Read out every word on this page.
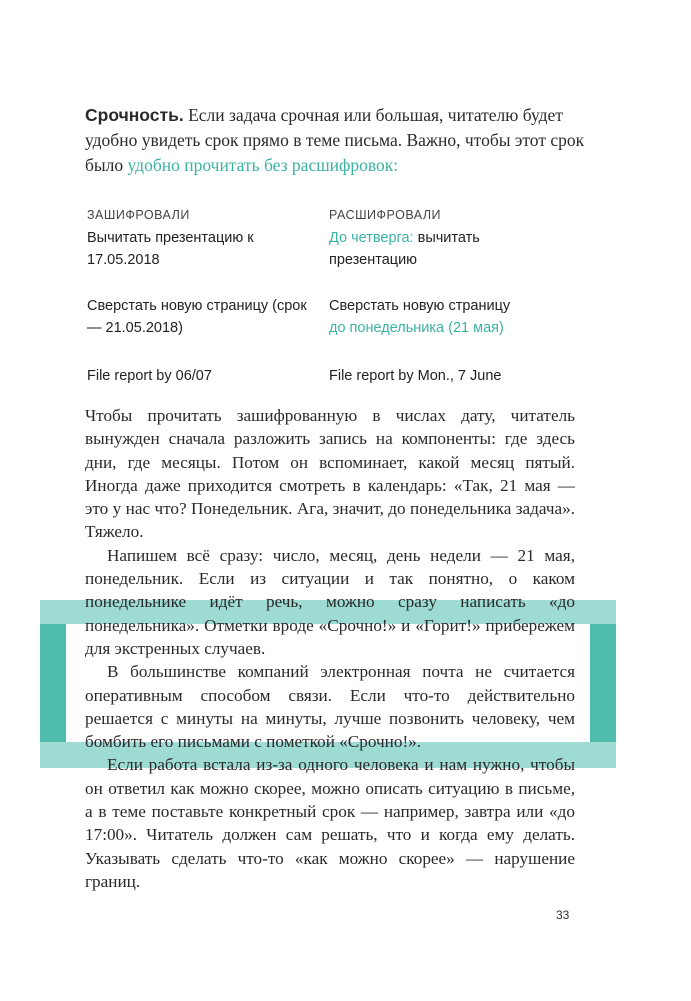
Срочность. Если задача срочная или большая, читателю будет удобно увидеть срок прямо в теме письма. Важно, чтобы этот срок было удобно прочитать без расшифровок:

ЗАШИФРОВАЛИ
Вычитать презентацию к 17.05.2018
Сверстать новую страницу (срок — 21.05.2018)
File report by 06/07
РАСШИФРОВАЛИ
До четверга: вычитать презентацию
Сверстать новую страницу
до понедельника (21 мая)
File report by Mon., 7 June

Чтобы прочитать зашифрованную в числах дату, читатель вынужден сначала разложить запись на компоненты: где здесь дни, где месяцы. Потом он вспоминает, какой месяц пятый. Иногда даже приходится смотреть в календарь: «Так, 21 мая — это у нас что? Понедельник. Ага, значит, до понедельника задача». Тяжело.

Напишем всё сразу: число, месяц, день недели — 21 мая, понедельник. Если из ситуации и так понятно, о каком понедельнике идёт речь, можно сразу написать «до понедельника». Отметки вроде «Срочно!» и «Горит!» прибережем для экстренных случаев.

В большинстве компаний электронная почта не считается оперативным способом связи. Если что-то действительно решается с минуты на минуты, лучше позвонить человеку, чем бомбить его письмами с пометкой «Срочно!».

Если работа встала из-за одного человека и нам нужно, чтобы он ответил как можно скорее, можно описать ситуацию в письме, а в теме поставьте конкретный срок — например, завтра или «до 17:00». Читатель должен сам решать, что и когда ему делать. Указывать сделать что-то «как можно скорее» — нарушение границ.

33
